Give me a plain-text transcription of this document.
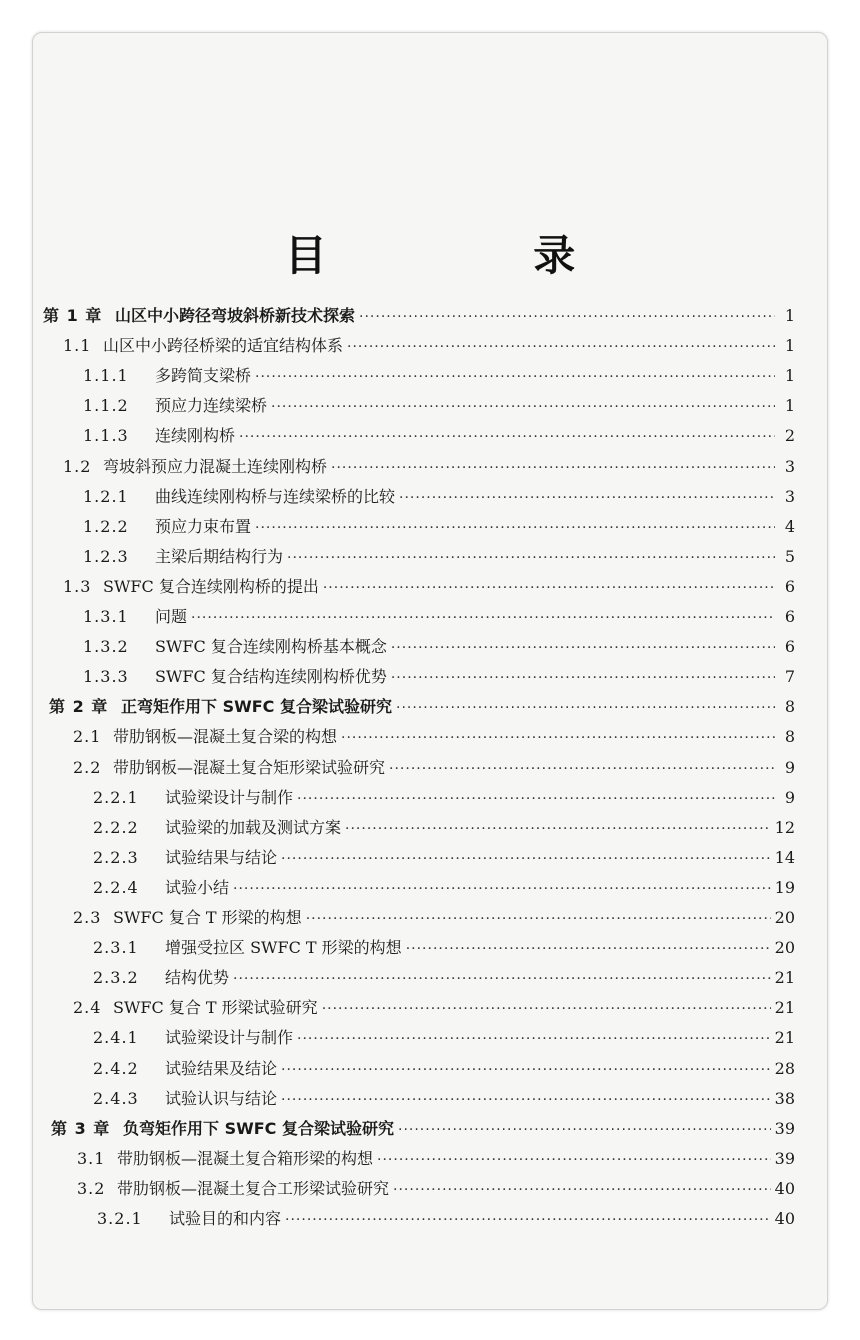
目 录
第 1 章 山区中小跨径弯坡斜桥新技术探索 ·····	1
1.1 山区中小跨径桥梁的适宜结构体系 ·····	1
1.1.1	多跨简支梁桥 ·····	1
1.1.2	预应力连续梁桥 ·····	1
1.1.3	连续刚构桥 ·····	2
1.2 弯坡斜预应力混凝土连续刚构桥 ·····	3
1.2.1	曲线连续刚构桥与连续梁桥的比较 ·····	3
1.2.2	预应力束布置 ·····	4
1.2.3	主梁后期结构行为 ·····	5
1.3 SWFC 复合连续刚构桥的提出 ·····	6
1.3.1	问题 ·····	6
1.3.2	SWFC 复合连续刚构桥基本概念 ·····	6
1.3.3	SWFC 复合结构连续刚构桥优势 ·····	7
第 2 章 正弯矩作用下 SWFC 复合梁试验研究 ·····	8
2.1 带肋钢板—混凝土复合梁的构想 ·····	8
2.2 带肋钢板—混凝土复合矩形梁试验研究 ·····	9
2.2.1	试验梁设计与制作 ·····	9
2.2.2	试验梁的加载及测试方案 ·····	12
2.2.3	试验结果与结论 ·····	14
2.2.4	试验小结 ·····	19
2.3 SWFC 复合 T 形梁的构想 ·····	20
2.3.1	增强受拉区 SWFC T 形梁的构想 ·····	20
2.3.2	结构优势 ·····	21
2.4 SWFC 复合 T 形梁试验研究 ·····	21
2.4.1	试验梁设计与制作 ·····	21
2.4.2	试验结果及结论 ·····	28
2.4.3	试验认识与结论 ·····	38
第 3 章 负弯矩作用下 SWFC 复合梁试验研究 ·····	39
3.1 带肋钢板—混凝土复合箱形梁的构想 ·····	39
3.2 带肋钢板—混凝土复合工形梁试验研究 ·····	40
3.2.1	试验目的和内容 ·····	40
